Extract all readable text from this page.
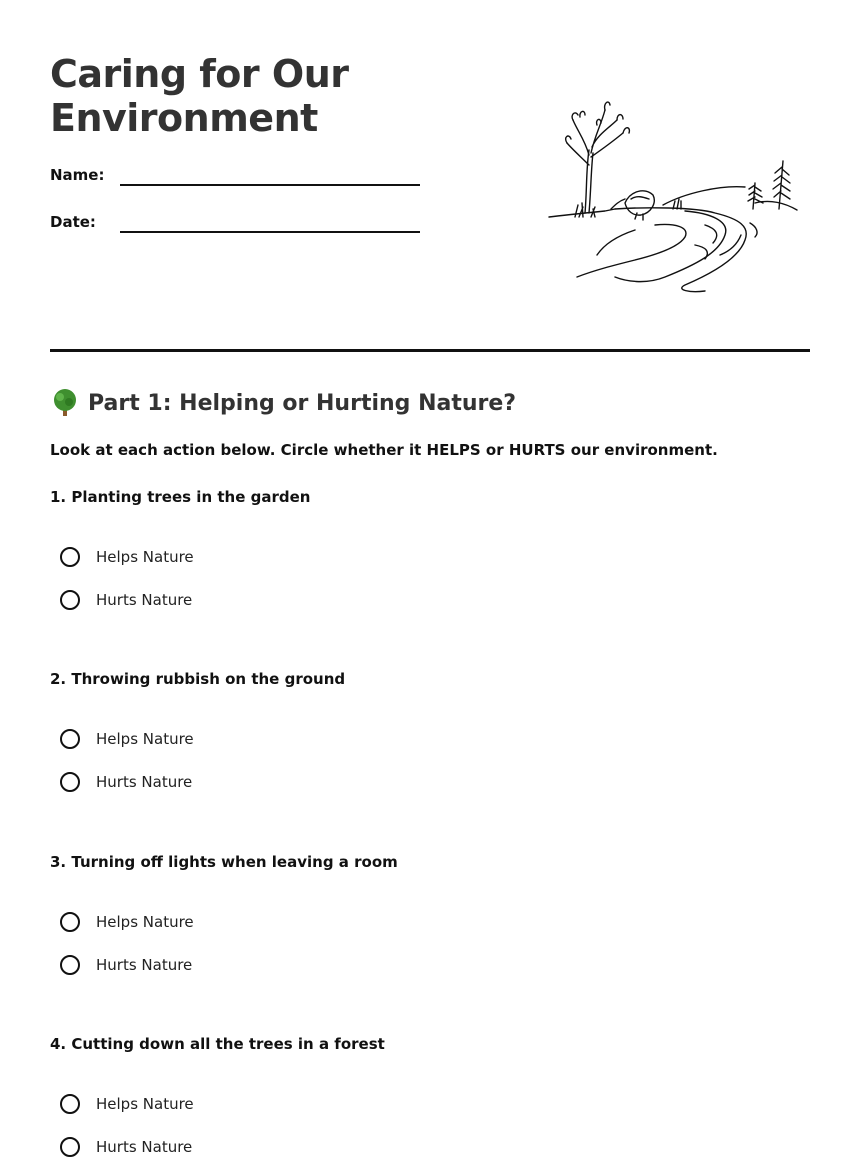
Caring for Our Environment
Name:
Date:
Part 1: Helping or Hurting Nature?

Look at each action below. Circle whether it HELPS or HURTS our environment.

1. Planting trees in the garden

Helps Nature
Hurts Nature

2. Throwing rubbish on the ground

Helps Nature
Hurts Nature

3. Turning off lights when leaving a room

Helps Nature
Hurts Nature

4. Cutting down all the trees in a forest

Helps Nature
Hurts Nature
